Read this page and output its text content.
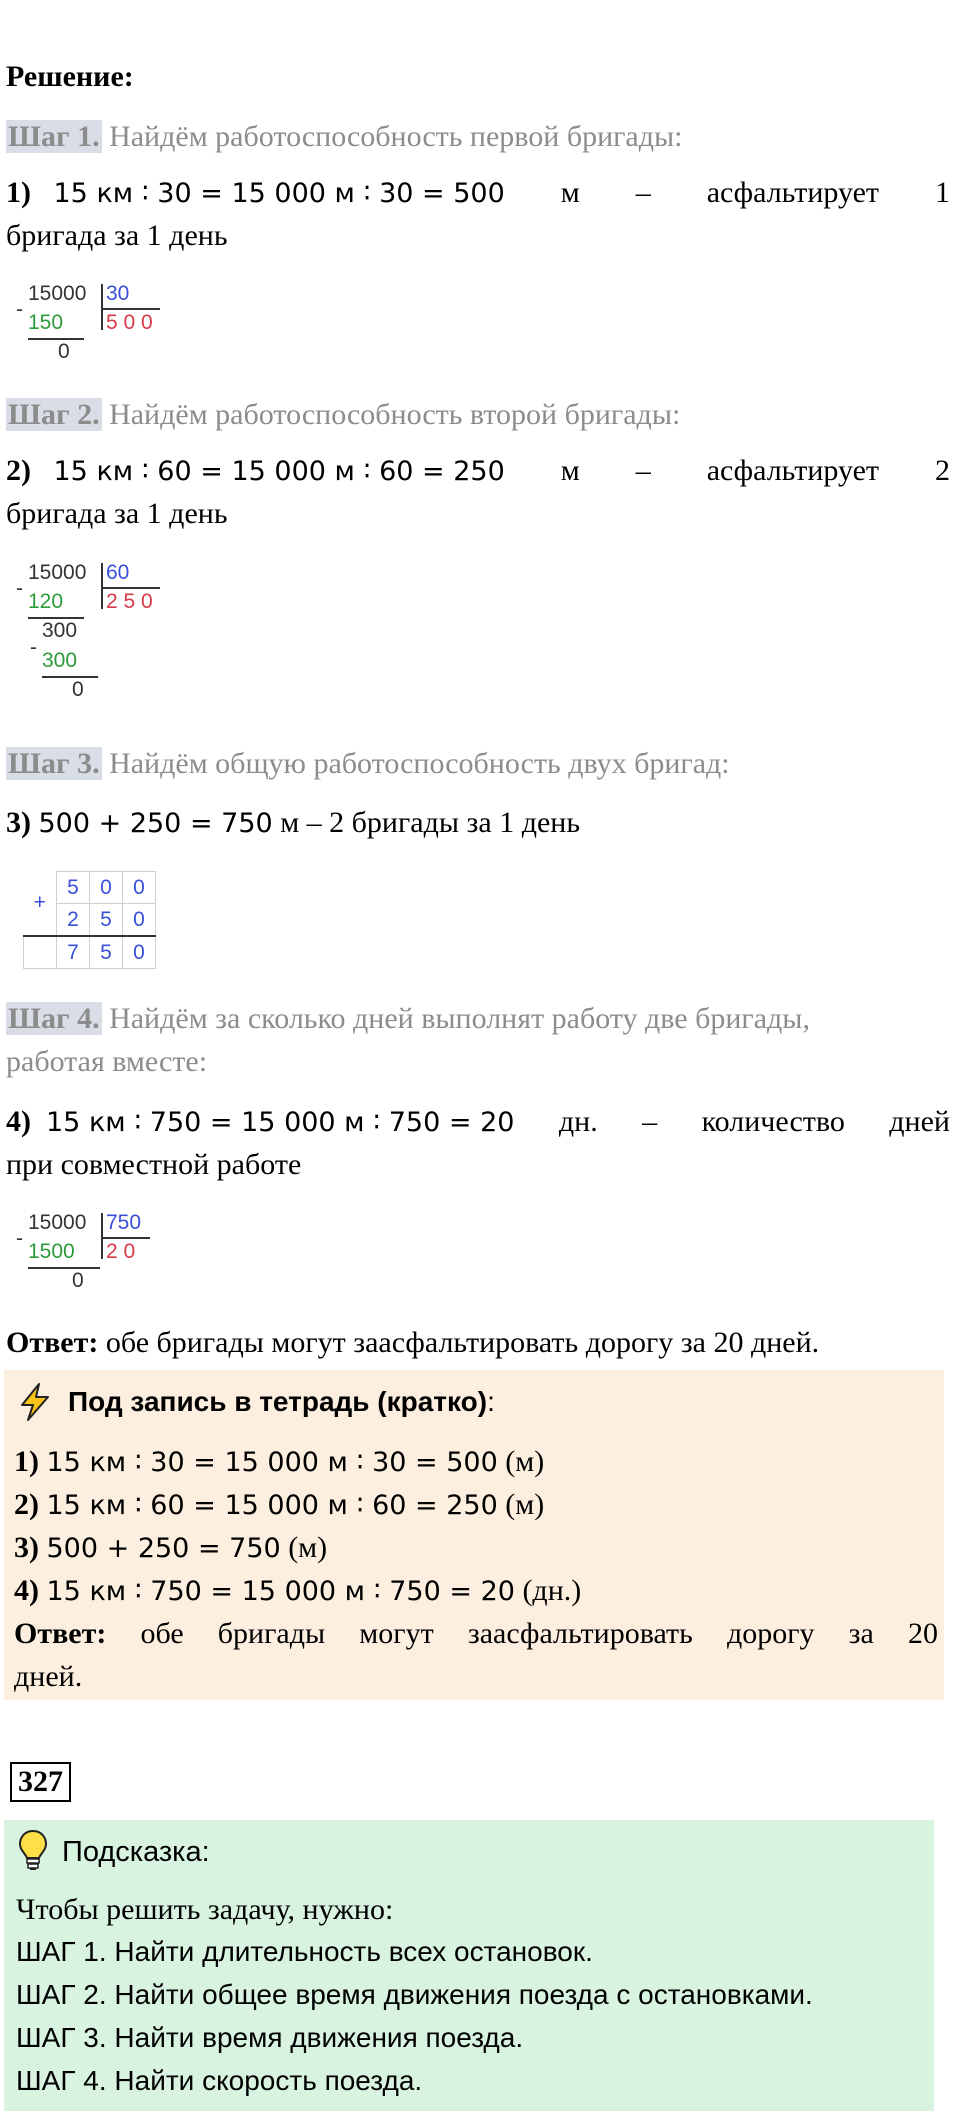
Решение:
Шаг 1. Найдём работоспособность первой бригады:
1) 15 км ∶ 30 = 15 000 м ∶ 30 = 500 м – асфальтирует 1
бригада за 1 день
15000 30
5 0 0
-
150
0
Шаг 2. Найдём работоспособность второй бригады:
2) 15 км ∶ 60 = 15 000 м ∶ 60 = 250 м – асфальтирует 2
бригада за 1 день
15000 60
2 5 0
-
120
300
-
300
0
Шаг 3. Найдём общую работоспособность двух бригад:
3) 500 + 250 = 750 м – 2 бригады за 1 день
+	5	0	0
	2	5	0
	7	5	0
Шаг 4. Найдём за сколько дней выполнят работу две бригады,
работая вместе:
4) 15 км ∶ 750 = 15 000 м ∶ 750 = 20 дн. – количество дней
при совместной работе
15000 750
2 0
-
1500
0
Ответ: обе бригады могут заасфальтировать дорогу за 20 дней.
Под запись в тетрадь (кратко):
1) 15 км ∶ 30 = 15 000 м ∶ 30 = 500 (м)
2) 15 км ∶ 60 = 15 000 м ∶ 60 = 250 (м)
3) 500 + 250 = 750 (м)
4) 15 км ∶ 750 = 15 000 м ∶ 750 = 20 (дн.)
Ответ: обе бригады могут заасфальтировать дорогу за 20
дней.
327
Подсказка:
Чтобы решить задачу, нужно:
ШАГ 1. Найти длительность всех остановок.
ШАГ 2. Найти общее время движения поезда с остановками.
ШАГ 3. Найти время движения поезда.
ШАГ 4. Найти скорость поезда.
